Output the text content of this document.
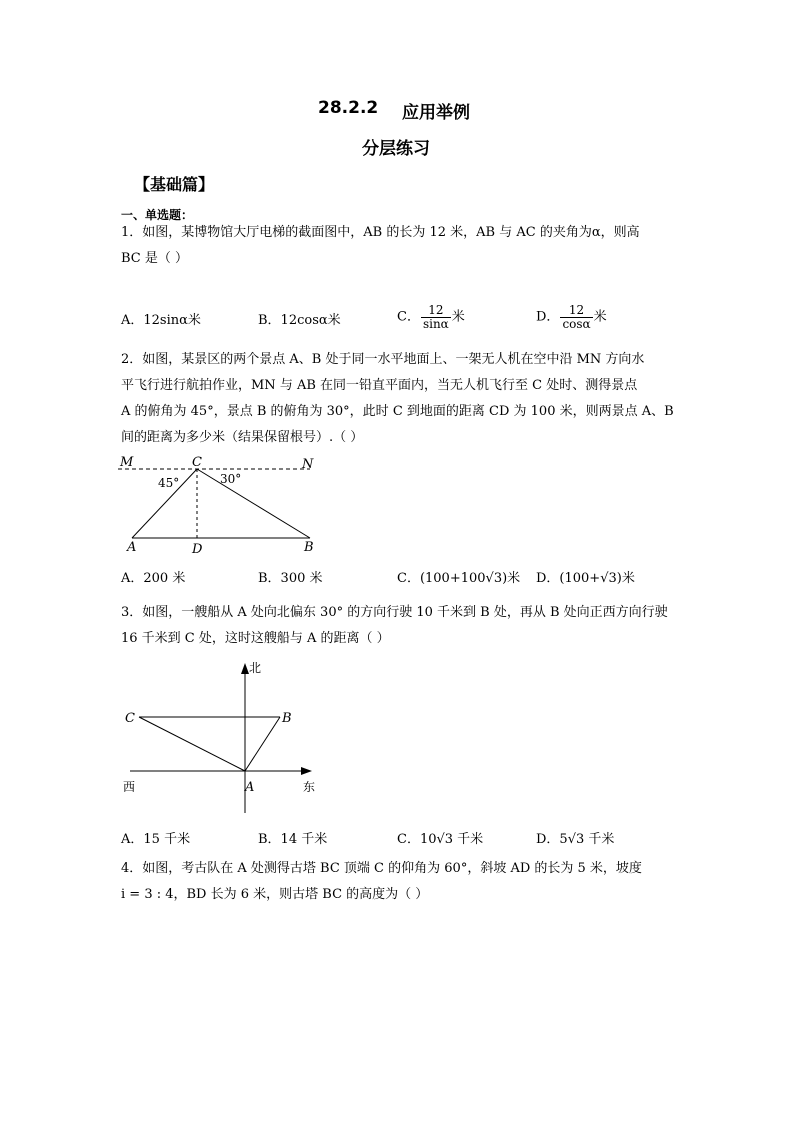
28.2.2 应用举例
分层练习
【基础篇】
一、单选题：
1．如图，某博物馆大厅电梯的截面图中，AB 的长为 12 米，AB 与 AC 的夹角为α，则高
BC 是（ ）
A．12sinα米	B．12cosα米	C． $\frac{12}{\sin\alpha}$ 米	D． $\frac{12}{\cos\alpha}$ 米
2．如图，某景区的两个景点 A、B 处于同一水平地面上、一架无人机在空中沿 MN 方向水
平飞行进行航拍作业，MN 与 AB 在同一铅直平面内，当无人机飞行至 C 处时、测得景点
A 的俯角为 45°，景点 B 的俯角为 30°，此时 C 到地面的距离 CD 为 100 米，则两景点 A、B
间的距离为多少米（结果保留根号）.（ ）
M	C	N
45°	30°
A	D	B
A．200 米	B．300 米	C．(100+100√3)米 D．(100+√3)米
3．如图，一艘船从 A 处向北偏东 30° 的方向行驶 10 千米到 B 处，再从 B 处向正西方向行驶
16 千米到 C 处，这时这艘船与 A 的距离（ ）
北
C	B
西	A	东
A．15 千米	B．14 千米	C．10√3 千米	D．5√3 千米
4．如图，考古队在 A 处测得古塔 BC 顶端 C 的仰角为 60°，斜坡 AD 的长为 5 米，坡度
i = 3 : 4，BD 长为 6 米，则古塔 BC 的高度为（ ）
